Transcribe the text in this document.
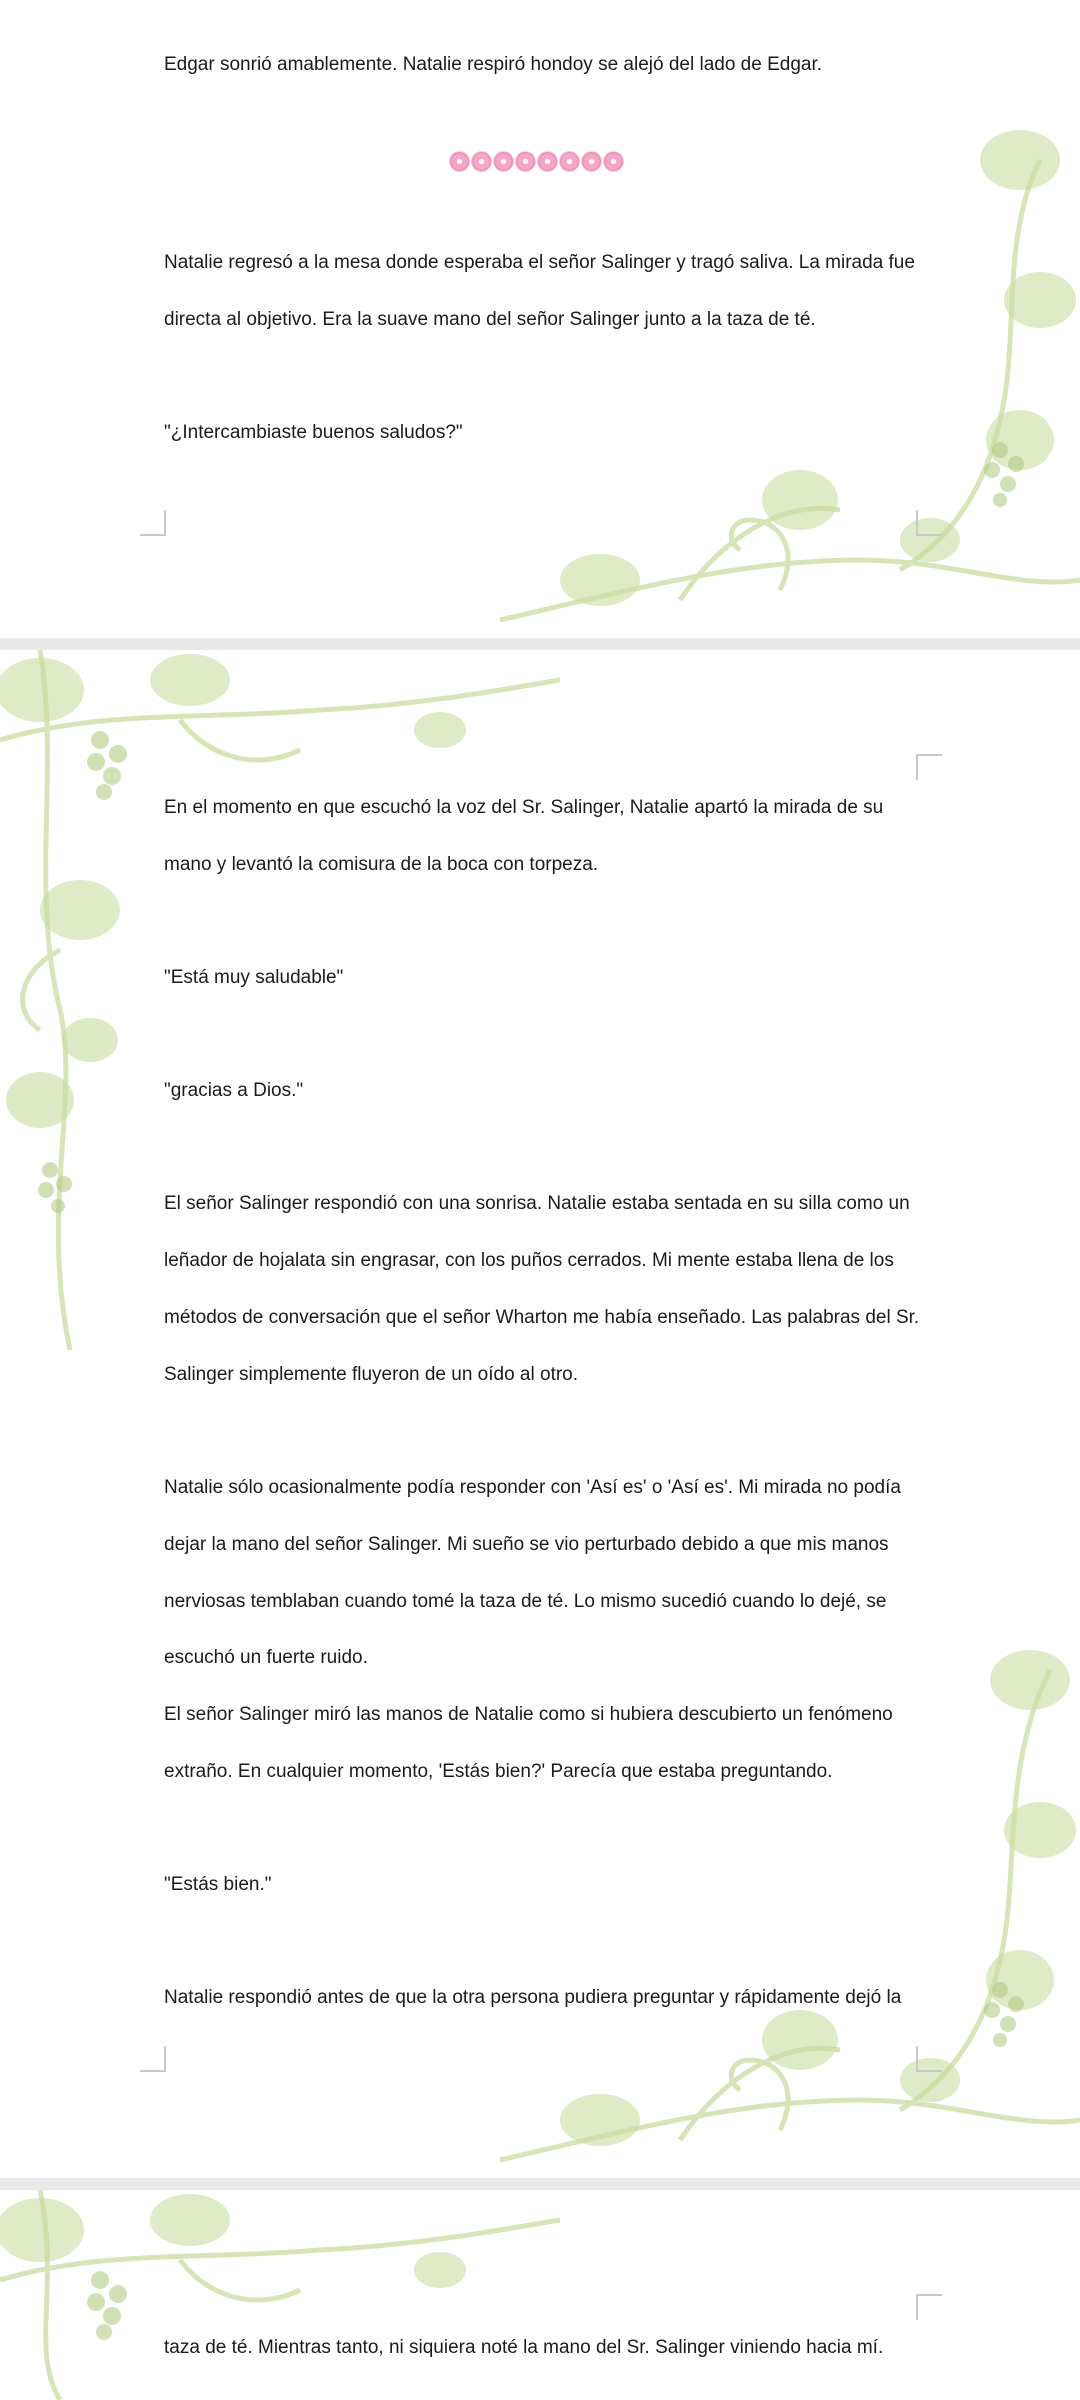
Edgar sonrió amablemente. Natalie respiró hondoy se alejó del lado de Edgar.
Natalie regresó a la mesa donde esperaba el señor Salinger y tragó saliva. La mirada fue
directa al objetivo. Era la suave mano del señor Salinger junto a la taza de té.
"¿Intercambiaste buenos saludos?"
En el momento en que escuchó la voz del Sr. Salinger, Natalie apartó la mirada de su
mano y levantó la comisura de la boca con torpeza.
"Está muy saludable"
"gracias a Dios."
El señor Salinger respondió con una sonrisa. Natalie estaba sentada en su silla como un
leñador de hojalata sin engrasar, con los puños cerrados. Mi mente estaba llena de los
métodos de conversación que el señor Wharton me había enseñado. Las palabras del Sr.
Salinger simplemente fluyeron de un oído al otro.
Natalie sólo ocasionalmente podía responder con 'Así es' o 'Así es'. Mi mirada no podía
dejar la mano del señor Salinger. Mi sueño se vio perturbado debido a que mis manos
nerviosas temblaban cuando tomé la taza de té. Lo mismo sucedió cuando lo dejé, se
escuchó un fuerte ruido.
El señor Salinger miró las manos de Natalie como si hubiera descubierto un fenómeno
extraño. En cualquier momento, 'Estás bien?' Parecía que estaba preguntando.
"Estás bien."
Natalie respondió antes de que la otra persona pudiera preguntar y rápidamente dejó la
taza de té. Mientras tanto, ni siquiera noté la mano del Sr. Salinger viniendo hacia mí.
